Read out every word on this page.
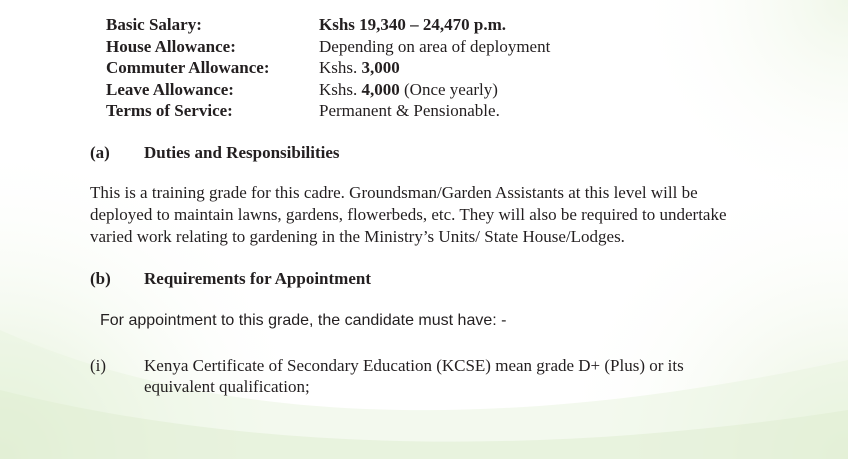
Basic Salary:	Kshs 19,340 – 24,470 p.m.
House Allowance:	Depending on area of deployment
Commuter Allowance:	Kshs. 3,000
Leave Allowance:	Kshs. 4,000 (Once yearly)
Terms of Service:	Permanent & Pensionable.
(a) Duties and Responsibilities
This is a training grade for this cadre. Groundsman/Garden Assistants at this level will be
deployed to maintain lawns, gardens, flowerbeds, etc. They will also be required to undertake
varied work relating to gardening in the Ministry’s Units/ State House/Lodges.
(b) Requirements for Appointment
For appointment to this grade, the candidate must have: -
(i)	Kenya Certificate of Secondary Education (KCSE) mean grade D+ (Plus) or its
equivalent qualification;
